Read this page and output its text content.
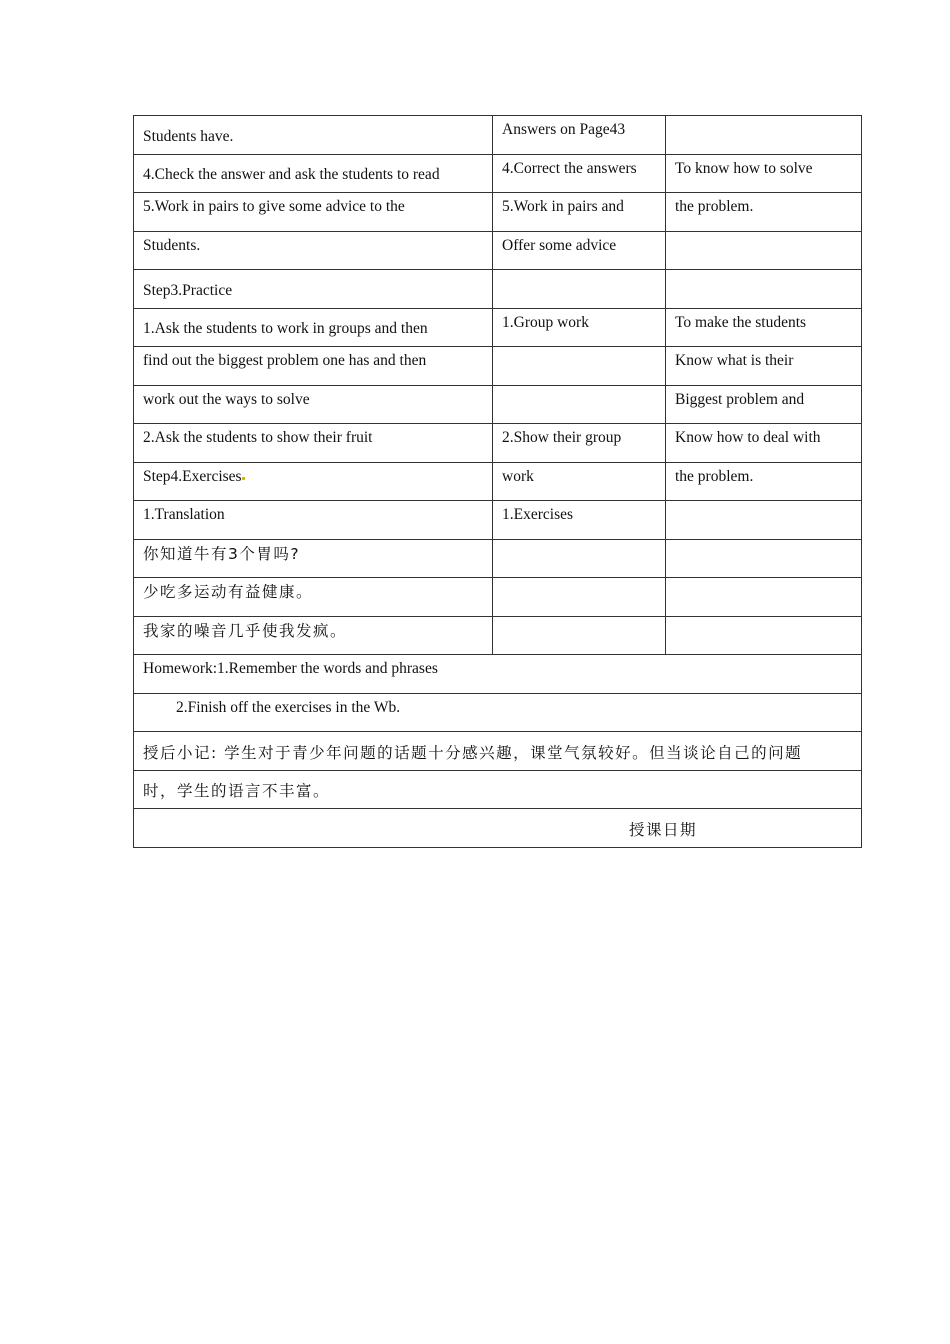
Students have.	Answers on Page43	
4.Check the answer and ask the students to read	4.Correct the answers	To know how to solve
5.Work in pairs to give some advice to the	5.Work in pairs and	the problem.
Students.	Offer some advice	
Step3.Practice		
1.Ask the students to work in groups and then	1.Group work	To make the students
find out the biggest problem one has and then		Know what is their
work out the ways to solve		Biggest problem and
2.Ask the students to show their fruit	2.Show their group	Know how to deal with
Step4.Exercises	work	the problem.
1.Translation	1.Exercises	
你知道牛有3个胃吗?		
少吃多运动有益健康。		
我家的噪音几乎使我发疯。		
Homework:1.Remember the words and phrases		
2.Finish off the exercises in the Wb.		
授后小记: 学生对于青少年问题的话题十分感兴趣，课堂气氛较好。但当谈论自己的问题		
时，学生的语言不丰富。		
授课日期		
